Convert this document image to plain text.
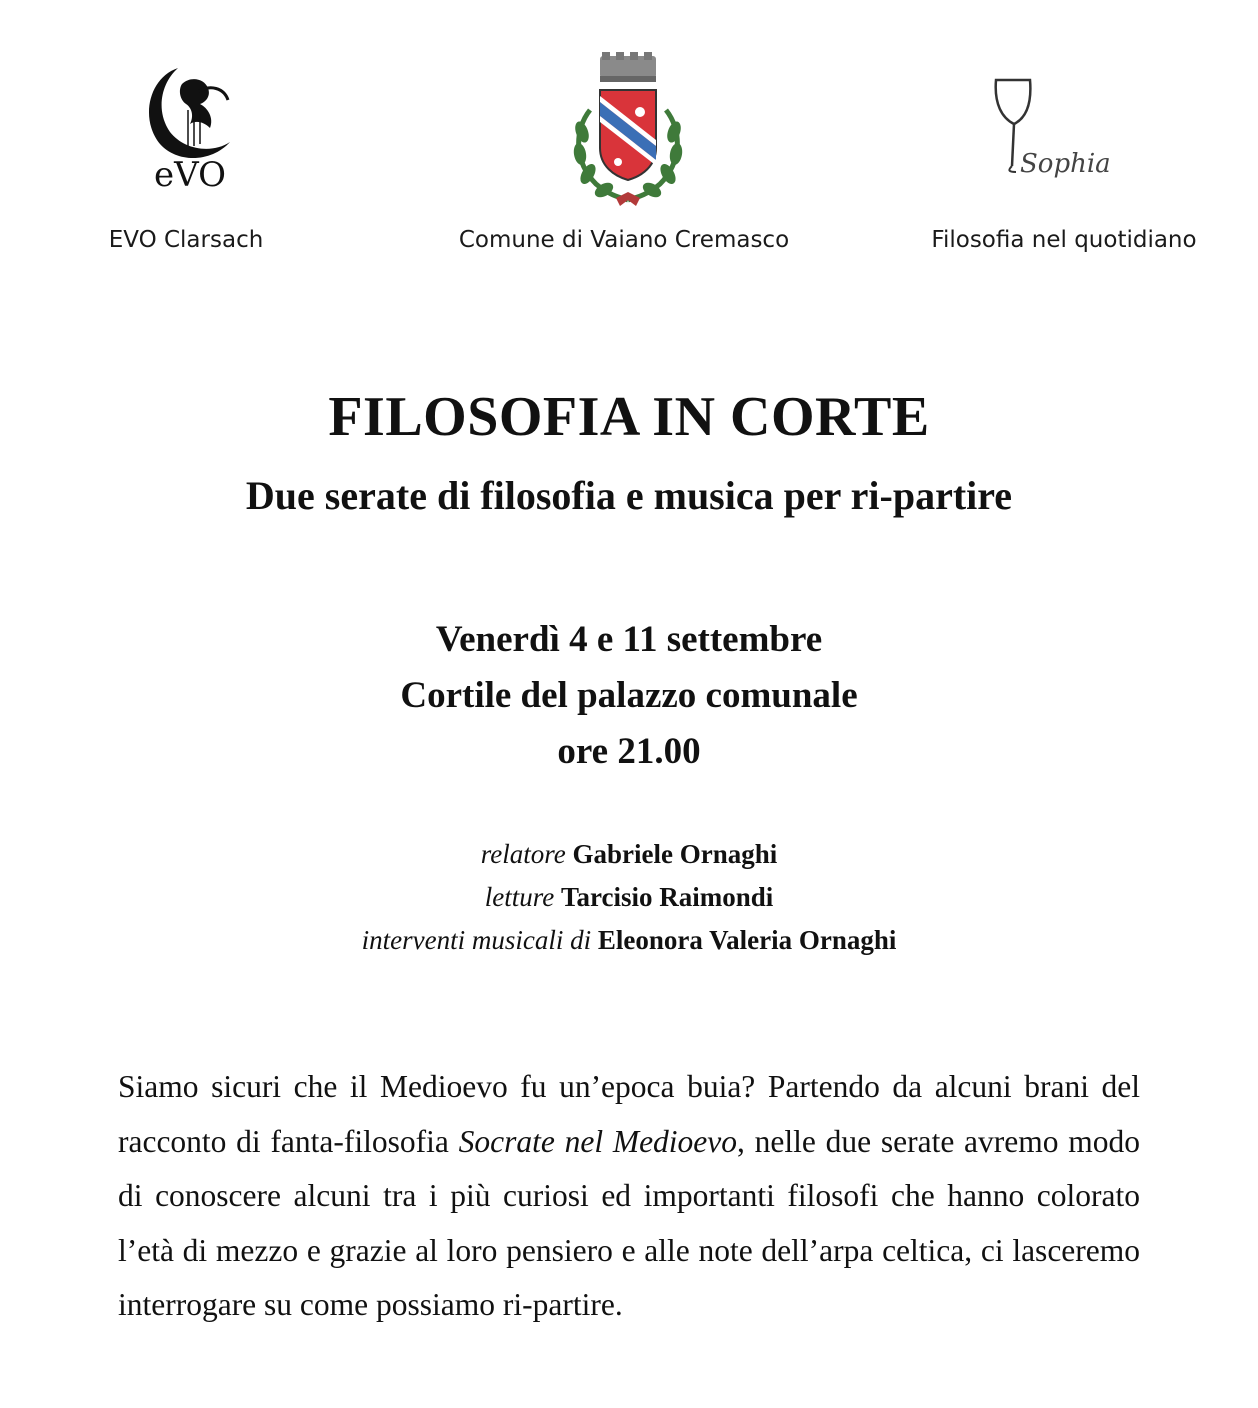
eVO
EVO Clarsach	Comune di Vaiano Cremasco
Sophia
Filosofia nel quotidiano
FILOSOFIA IN CORTE
Due serate di filosofia e musica per ri-partire
Venerdì 4 e 11 settembre
Cortile del palazzo comunale
ore 21.00
relatore Gabriele Ornaghi
letture Tarcisio Raimondi
interventi musicali di Eleonora Valeria Ornaghi

Siamo sicuri che il Medioevo fu un’epoca buia? Partendo da alcuni brani del racconto di fanta-filosofia Socrate nel Medioevo, nelle due serate avremo modo di conoscere alcuni tra i più curiosi ed importanti filosofi che hanno colorato l’età di mezzo e grazie al loro pensiero e alle note dell’arpa celtica, ci lasceremo interrogare su come possiamo ri-partire.
